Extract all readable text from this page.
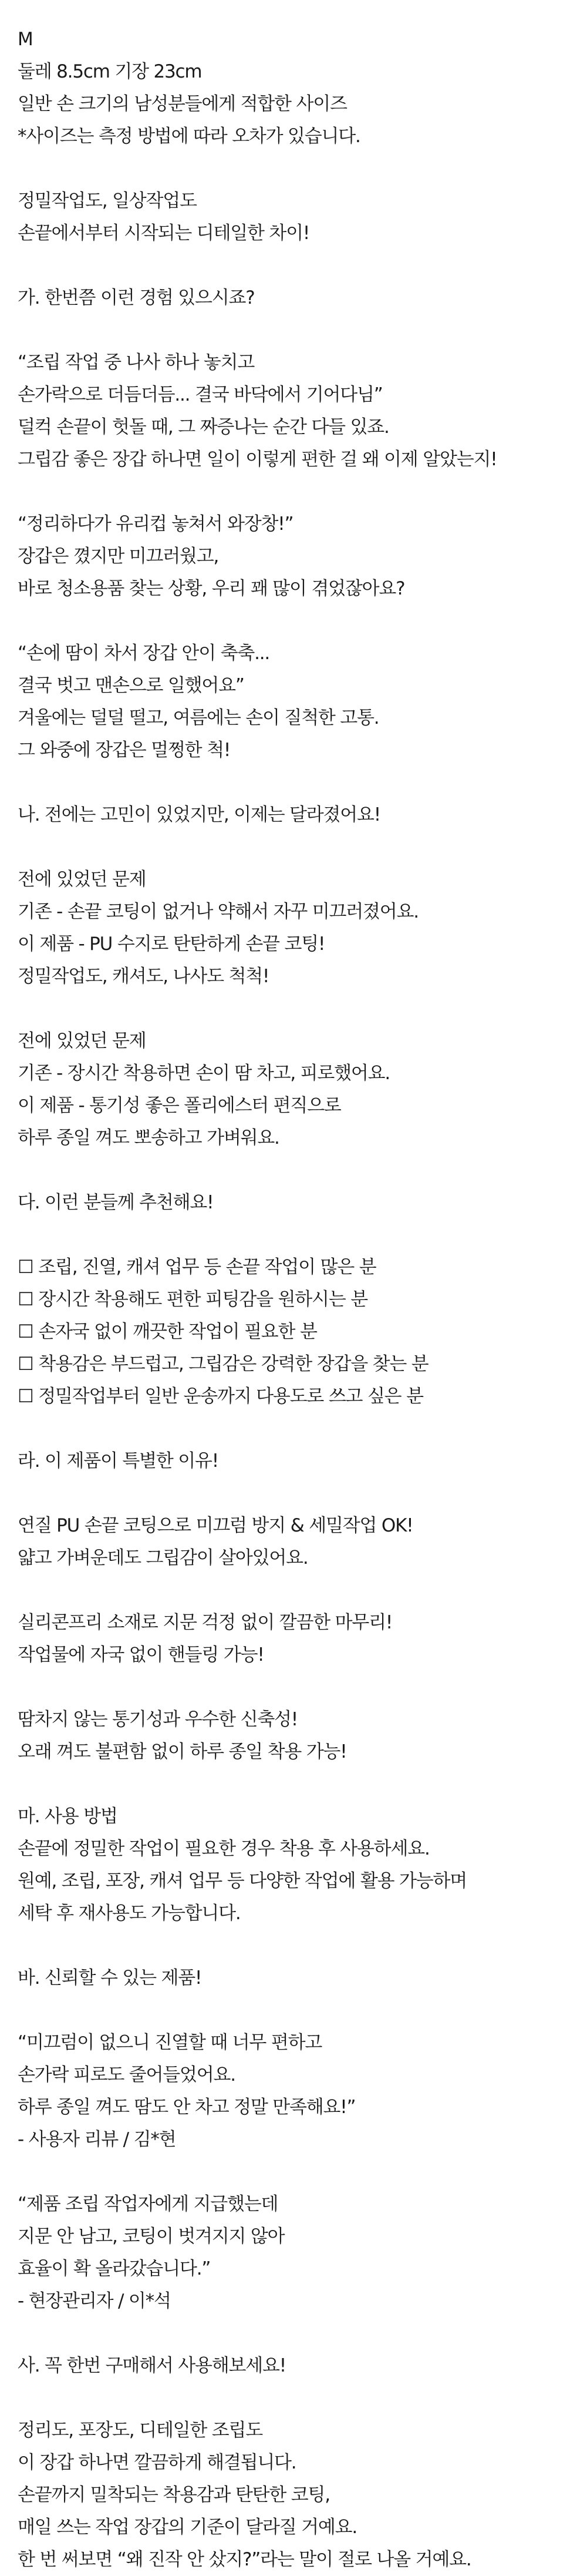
M
둘레 8.5cm 기장 23cm
일반 손 크기의 남성분들에게 적합한 사이즈
*사이즈는 측정 방법에 따라 오차가 있습니다.
정밀작업도, 일상작업도
손끝에서부터 시작되는 디테일한 차이!
가. 한번쯤 이런 경험 있으시죠?
“조립 작업 중 나사 하나 놓치고
손가락으로 더듬더듬... 결국 바닥에서 기어다님”
덜컥 손끝이 헛돌 때, 그 짜증나는 순간 다들 있죠.
그립감 좋은 장갑 하나면 일이 이렇게 편한 걸 왜 이제 알았는지!
“정리하다가 유리컵 놓쳐서 와장창!”
장갑은 꼈지만 미끄러웠고,
바로 청소용품 찾는 상황, 우리 꽤 많이 겪었잖아요?
“손에 땀이 차서 장갑 안이 축축...
결국 벗고 맨손으로 일했어요”
겨울에는 덜덜 떨고, 여름에는 손이 질척한 고통.
그 와중에 장갑은 멀쩡한 척!
나. 전에는 고민이 있었지만, 이제는 달라졌어요!
전에 있었던 문제
기존 - 손끝 코팅이 없거나 약해서 자꾸 미끄러졌어요.
이 제품 - PU 수지로 탄탄하게 손끝 코팅!
정밀작업도, 캐셔도, 나사도 척척!
전에 있었던 문제
기존 - 장시간 착용하면 손이 땀 차고, 피로했어요.
이 제품 - 통기성 좋은 폴리에스터 편직으로
하루 종일 껴도 뽀송하고 가벼워요.
다. 이런 분들께 추천해요!
☐ 조립, 진열, 캐셔 업무 등 손끝 작업이 많은 분
☐ 장시간 착용해도 편한 피팅감을 원하시는 분
☐ 손자국 없이 깨끗한 작업이 필요한 분
☐ 착용감은 부드럽고, 그립감은 강력한 장갑을 찾는 분
☐ 정밀작업부터 일반 운송까지 다용도로 쓰고 싶은 분
라. 이 제품이 특별한 이유!
연질 PU 손끝 코팅으로 미끄럼 방지 & 세밀작업 OK!
얇고 가벼운데도 그립감이 살아있어요.
실리콘프리 소재로 지문 걱정 없이 깔끔한 마무리!
작업물에 자국 없이 핸들링 가능!
땀차지 않는 통기성과 우수한 신축성!
오래 껴도 불편함 없이 하루 종일 착용 가능!
마. 사용 방법
손끝에 정밀한 작업이 필요한 경우 착용 후 사용하세요.
원예, 조립, 포장, 캐셔 업무 등 다양한 작업에 활용 가능하며
세탁 후 재사용도 가능합니다.
바. 신뢰할 수 있는 제품!
“미끄럼이 없으니 진열할 때 너무 편하고
손가락 피로도 줄어들었어요.
하루 종일 껴도 땀도 안 차고 정말 만족해요!”
- 사용자 리뷰 / 김*현
“제품 조립 작업자에게 지급했는데
지문 안 남고, 코팅이 벗겨지지 않아
효율이 확 올라갔습니다.”
- 현장관리자 / 이*석
사. 꼭 한번 구매해서 사용해보세요!
정리도, 포장도, 디테일한 조립도
이 장갑 하나면 깔끔하게 해결됩니다.
손끝까지 밀착되는 착용감과 탄탄한 코팅,
매일 쓰는 작업 장갑의 기준이 달라질 거예요.
한 번 써보면 “왜 진작 안 샀지?”라는 말이 절로 나올 거예요.
